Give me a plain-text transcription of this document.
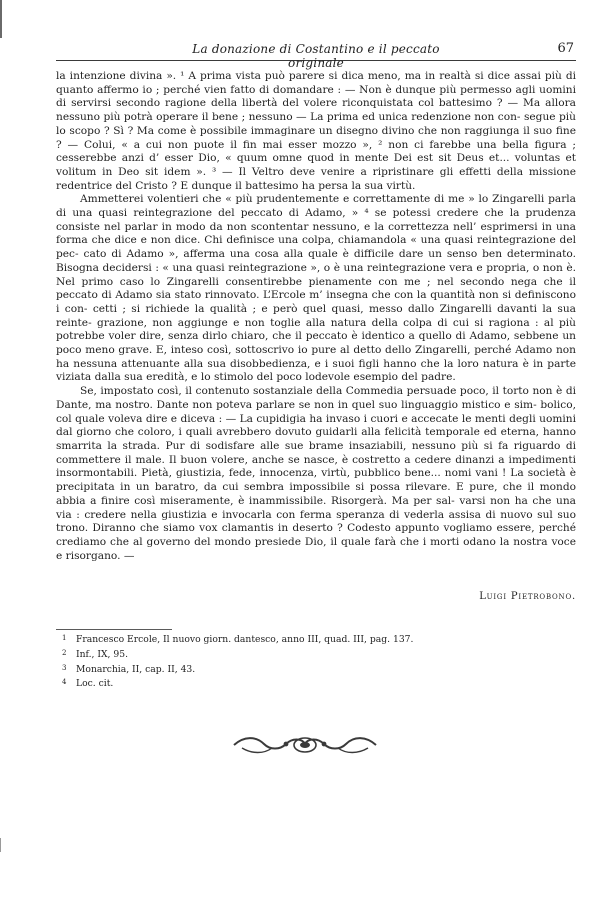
La donazione di Costantino e il peccato originale
67

la intenzione divina ». ¹ A prima vista può parere si dica meno, ma in realtà si dice assai più di quanto affermo io ; perché vien fatto di domandare : — Non è dunque più permesso agli uomini di servirsi secondo ragione della libertà del volere riconquistata col battesimo ? — Ma allora nessuno più potrà operare il bene ; nessuno — La prima ed unica redenzione non con- segue più lo scopo ? Sì ? Ma come è possibile immaginare un disegno divino che non raggiunga il suo fine ? — Colui, « a cui non puote il fin mai esser mozzo », ² non ci farebbe una bella figura ; cesserebbe anzi d’ esser Dio, « quum omne quod in mente Dei est sit Deus et... voluntas et volitum in Deo sit idem ». ³ — Il Veltro deve venire a ripristinare gli effetti della missione redentrice del Cristo ? E dunque il battesimo ha persa la sua virtù.

Ammetterei volentieri che « più prudentemente e correttamente di me » lo Zingarelli parla di una quasi reintegrazione del peccato di Adamo, » ⁴ se potessi credere che la prudenza consiste nel parlar in modo da non scontentar nessuno, e la correttezza nell’ esprimersi in una forma che dice e non dice. Chi definisce una colpa, chiamandola « una quasi reintegrazione del pec- cato di Adamo », afferma una cosa alla quale è difficile dare un senso ben determinato. Bisogna decidersi : « una quasi reintegrazione », o è una reintegrazione vera e propria, o non è. Nel primo caso lo Zingarelli consentirebbe pienamente con me ; nel secondo nega che il peccato di Adamo sia stato rinnovato. L’Ercole m’ insegna che con la quantità non si definiscono i con- cetti ; si richiede la qualità ; e però quel quasi, messo dallo Zingarelli davanti la sua reinte- grazione, non aggiunge e non toglie alla natura della colpa di cui si ragiona : al più potrebbe voler dire, senza dirlo chiaro, che il peccato è identico a quello di Adamo, sebbene un poco meno grave. E, inteso così, sottoscrivo io pure al detto dello Zingarelli, perché Adamo non ha nessuna attenuante alla sua disobbedienza, e i suoi figli hanno che la loro natura è in parte viziata dalla sua eredità, e lo stimolo del poco lodevole esempio del padre.

Se, impostato così, il contenuto sostanziale della Commedia persuade poco, il torto non è di Dante, ma nostro. Dante non poteva parlare se non in quel suo linguaggio mistico e sim- bolico, col quale voleva dire e diceva : — La cupidigia ha invaso i cuori e accecate le menti degli uomini dal giorno che coloro, i quali avrebbero dovuto guidarli alla felicità temporale ed eterna, hanno smarrita la strada. Pur di sodisfare alle sue brame insaziabili, nessuno più si fa riguardo di commettere il male. Il buon volere, anche se nasce, è costretto a cedere dinanzi a impedimenti insormontabili. Pietà, giustizia, fede, innocenza, virtù, pubblico bene... nomi vani ! La società è precipitata in un baratro, da cui sembra impossibile si possa rilevare. E pure, che il mondo abbia a finire così miseramente, è inammissibile. Risorgerà. Ma per sal- varsi non ha che una via : credere nella giustizia e invocarla con ferma speranza di vederla assisa di nuovo sul suo trono. Diranno che siamo vox clamantis in deserto ? Codesto appunto vogliamo essere, perché crediamo che al governo del mondo presiede Dio, il quale farà che i morti odano la nostra voce e risorgano. —

Luigi Pietrobono.

1 Francesco Ercole, Il nuovo giorn. dantesco, anno III, quad. III, pag. 137.

2 Inf., IX, 95.

3 Monarchia, II, cap. II, 43.

4 Loc. cit.
